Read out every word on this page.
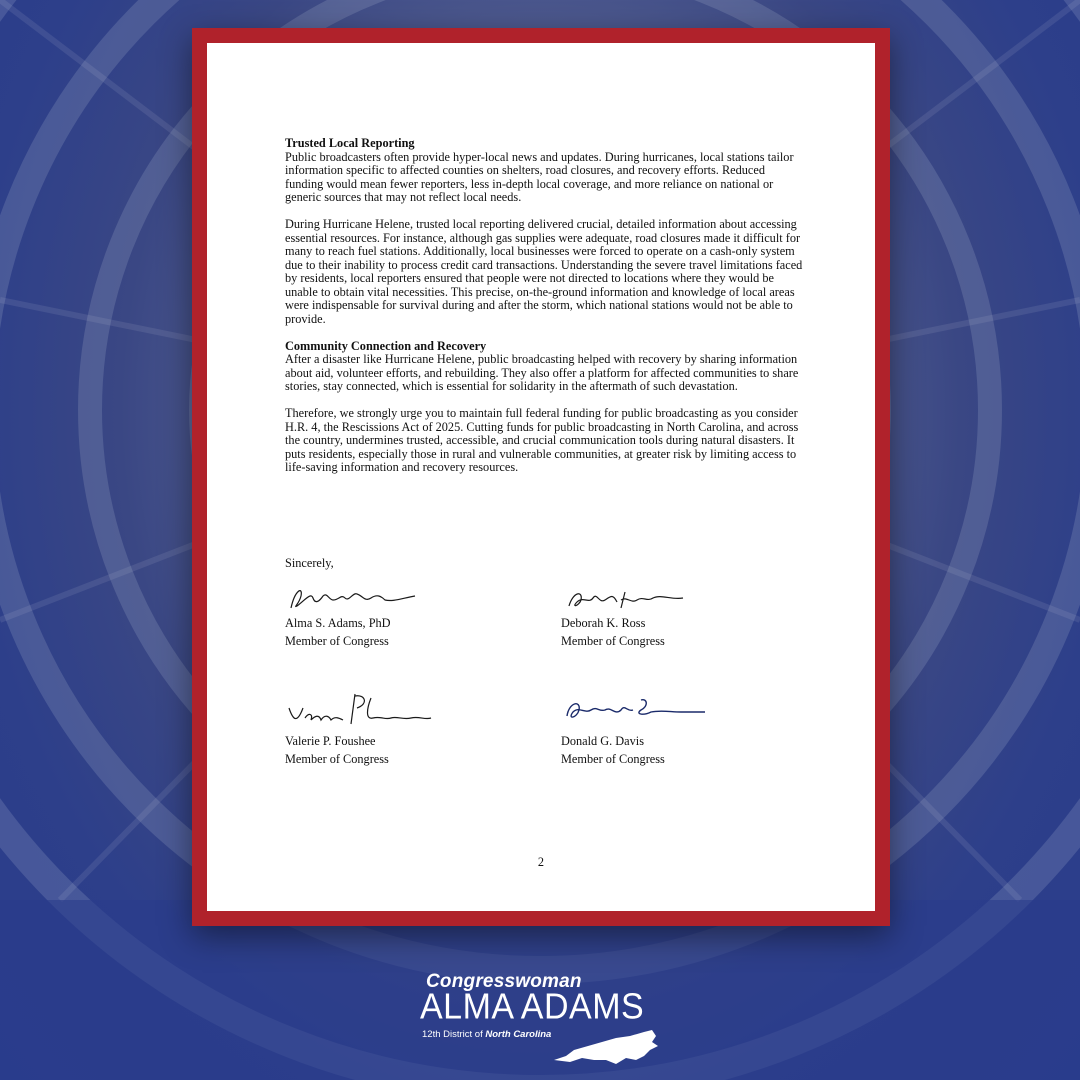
Trusted Local Reporting
Public broadcasters often provide hyper-local news and updates. During hurricanes, local stations tailor information specific to affected counties on shelters, road closures, and recovery efforts. Reduced funding would mean fewer reporters, less in-depth local coverage, and more reliance on national or generic sources that may not reflect local needs.

During Hurricane Helene, trusted local reporting delivered crucial, detailed information about accessing essential resources. For instance, although gas supplies were adequate, road closures made it difficult for many to reach fuel stations. Additionally, local businesses were forced to operate on a cash-only system due to their inability to process credit card transactions. Understanding the severe travel limitations faced by residents, local reporters ensured that people were not directed to locations where they would be unable to obtain vital necessities. This precise, on-the-ground information and knowledge of local areas were indispensable for survival during and after the storm, which national stations would not be able to provide.

Community Connection and Recovery
After a disaster like Hurricane Helene, public broadcasting helped with recovery by sharing information about aid, volunteer efforts, and rebuilding. They also offer a platform for affected communities to share stories, stay connected, which is essential for solidarity in the aftermath of such devastation.

Therefore, we strongly urge you to maintain full federal funding for public broadcasting as you consider H.R. 4, the Rescissions Act of 2025. Cutting funds for public broadcasting in North Carolina, and across the country, undermines trusted, accessible, and crucial communication tools during natural disasters. It puts residents, especially those in rural and vulnerable communities, at greater risk by limiting access to life-saving information and recovery resources.

Sincerely,
Alma S. Adams, PhD
Member of Congress
Deborah K. Ross
Member of Congress
Valerie P. Foushee
Member of Congress
Donald G. Davis
Member of Congress
2
Congresswoman
ALMA ADAMS
12th District of North Carolina
